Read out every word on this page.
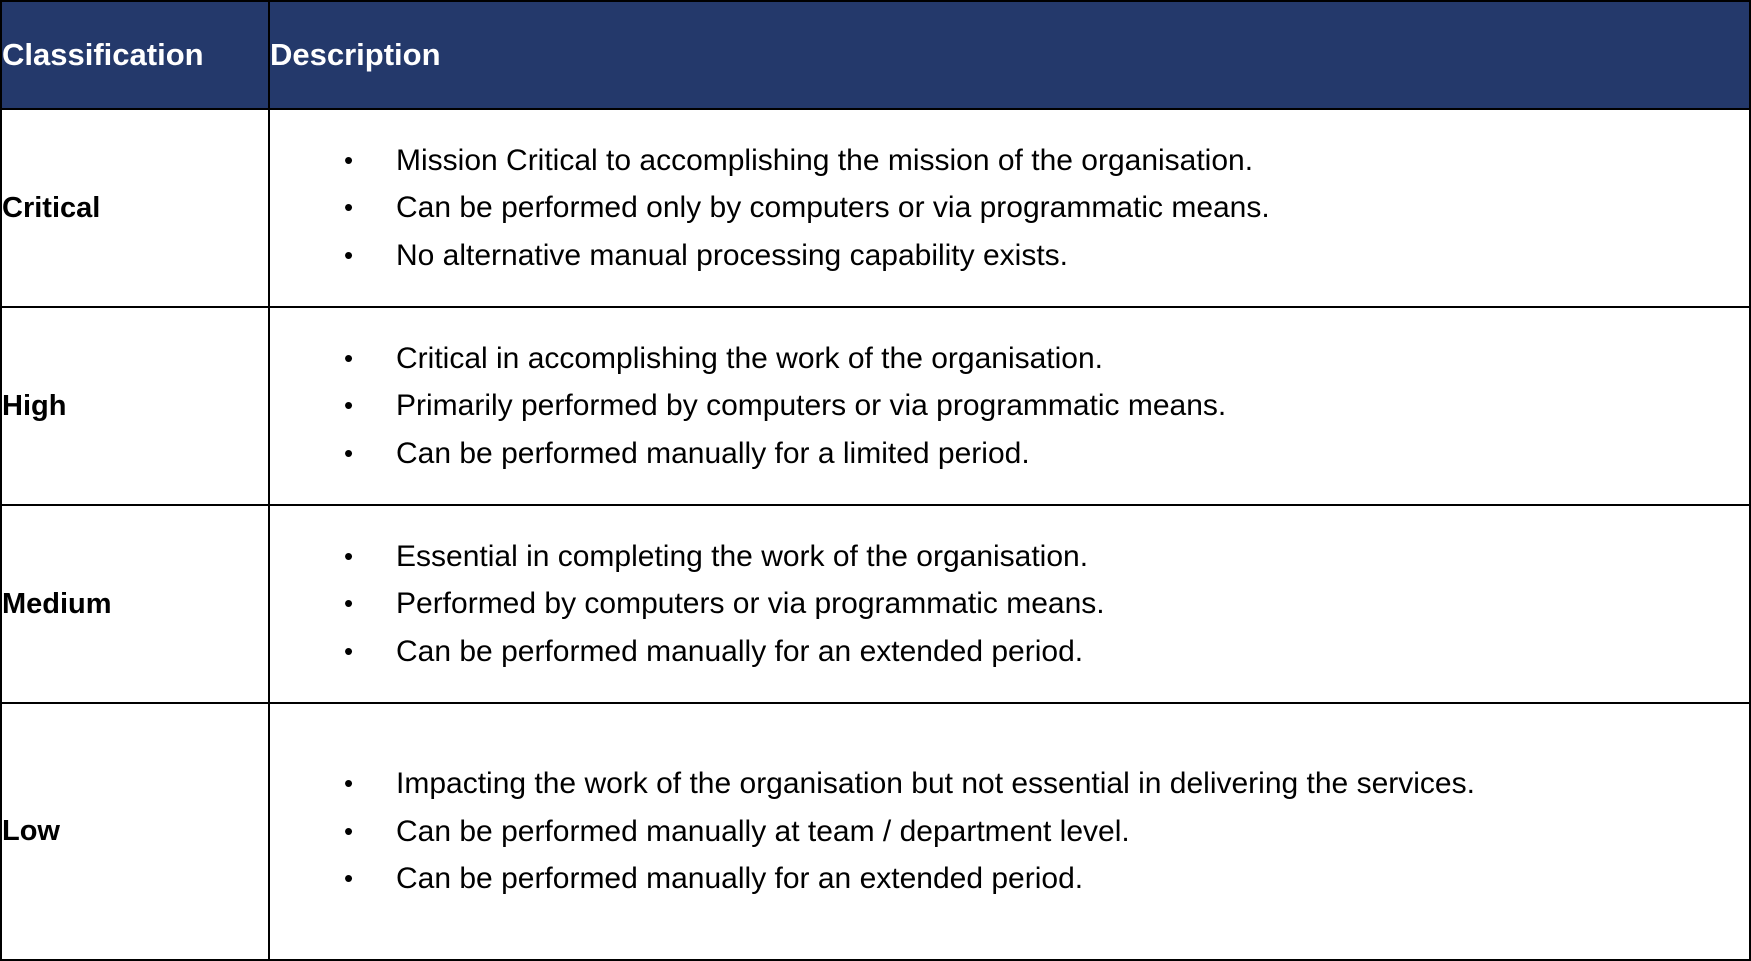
Classification	Description
Critical	
• Mission Critical to accomplishing the mission of the organisation.
• Can be performed only by computers or via programmatic means.
• No alternative manual processing capability exists.

High	
• Critical in accomplishing the work of the organisation.
• Primarily performed by computers or via programmatic means.
• Can be performed manually for a limited period.

Medium	
• Essential in completing the work of the organisation.
• Performed by computers or via programmatic means.
• Can be performed manually for an extended period.

Low	
• Impacting the work of the organisation but not essential in delivering the services.
• Can be performed manually at team / department level.
• Can be performed manually for an extended period.
